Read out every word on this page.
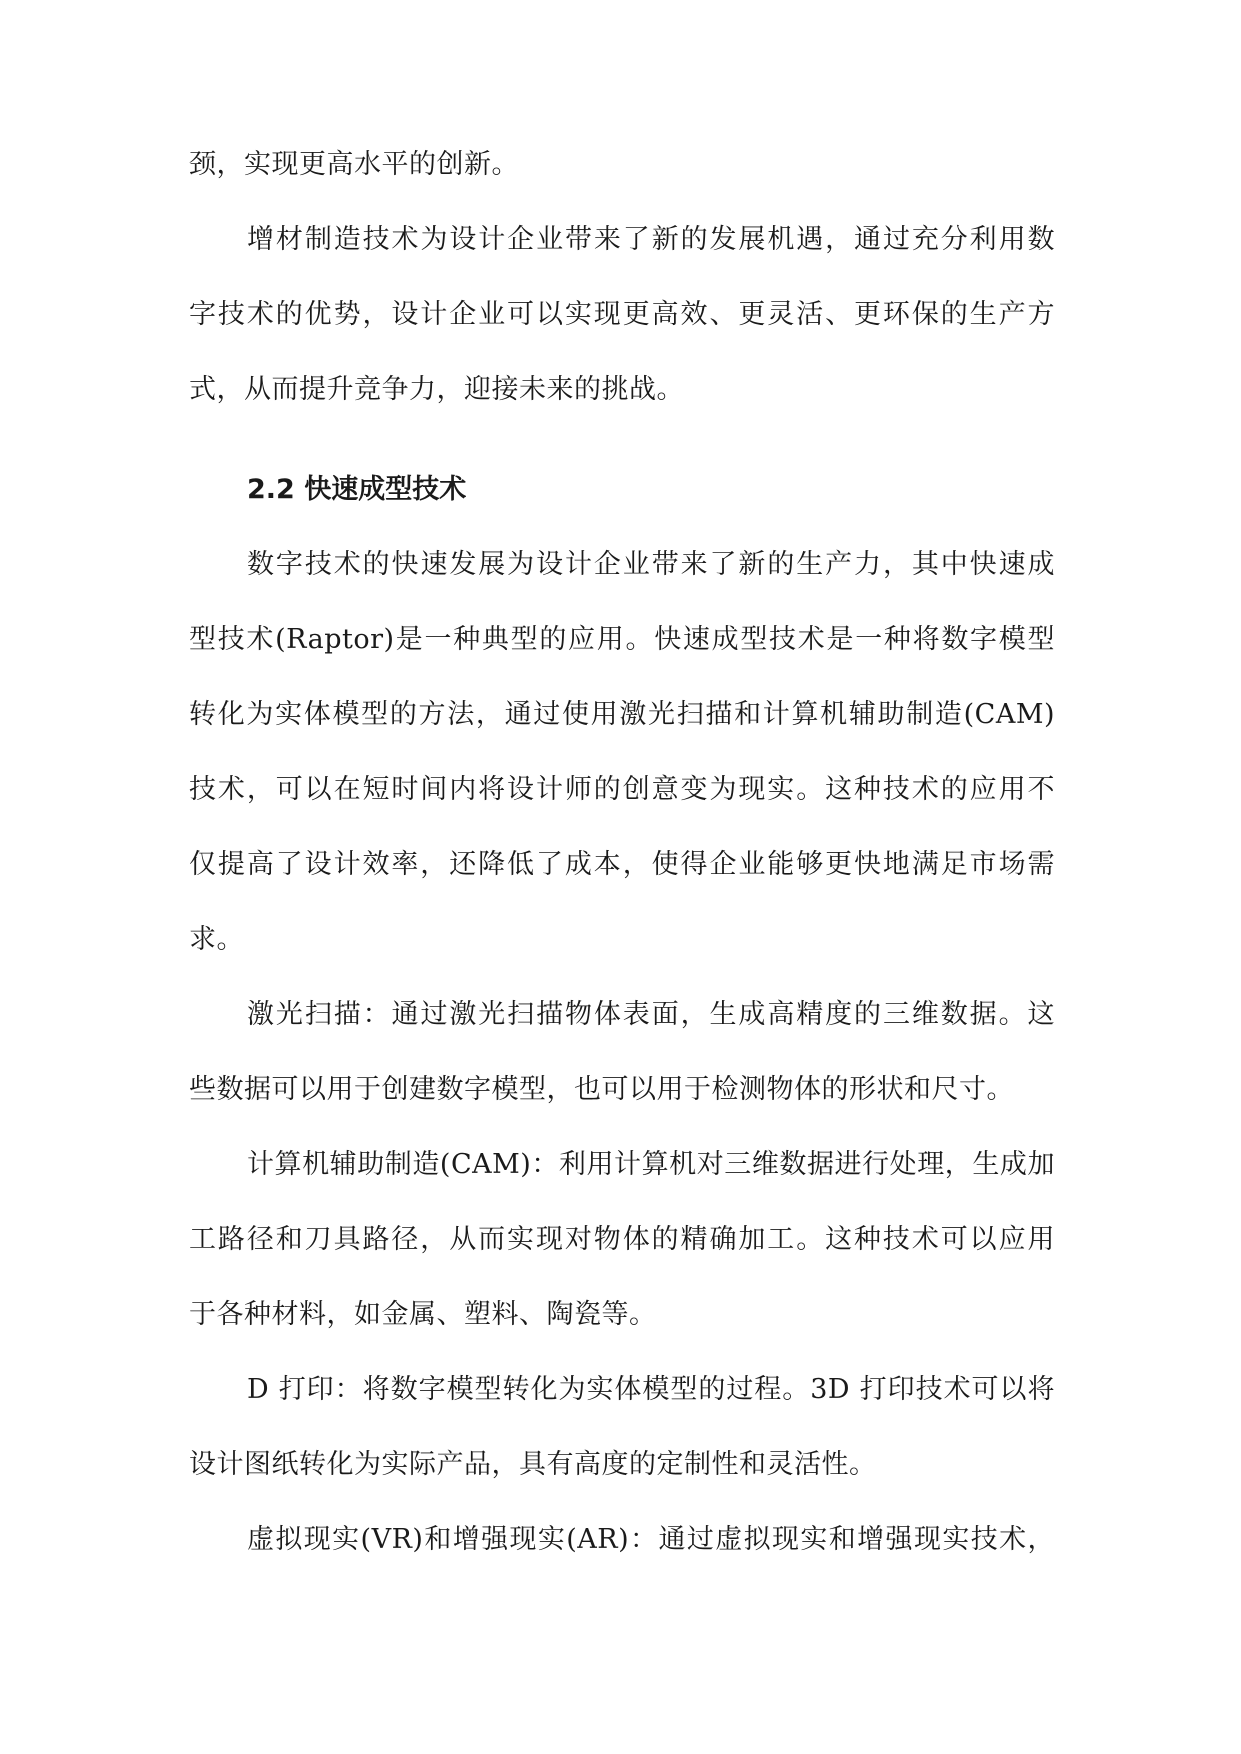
颈，实现更高水平的创新。
增材制造技术为设计企业带来了新的发展机遇，通过充分利用数
字技术的优势，设计企业可以实现更高效、更灵活、更环保的生产方
式，从而提升竞争力，迎接未来的挑战。
2.2 快速成型技术
数字技术的快速发展为设计企业带来了新的生产力，其中快速成
型技术(Raptor)是一种典型的应用。快速成型技术是一种将数字模型
转化为实体模型的方法，通过使用激光扫描和计算机辅助制造(CAM)
技术，可以在短时间内将设计师的创意变为现实。这种技术的应用不
仅提高了设计效率，还降低了成本，使得企业能够更快地满足市场需
求。
激光扫描：通过激光扫描物体表面，生成高精度的三维数据。这
些数据可以用于创建数字模型，也可以用于检测物体的形状和尺寸。
计算机辅助制造(CAM)：利用计算机对三维数据进行处理，生成加
工路径和刀具路径，从而实现对物体的精确加工。这种技术可以应用
于各种材料，如金属、塑料、陶瓷等。
D 打印：将数字模型转化为实体模型的过程。3D 打印技术可以将
设计图纸转化为实际产品，具有高度的定制性和灵活性。
虚拟现实(VR)和增强现实(AR)：通过虚拟现实和增强现实技术，
